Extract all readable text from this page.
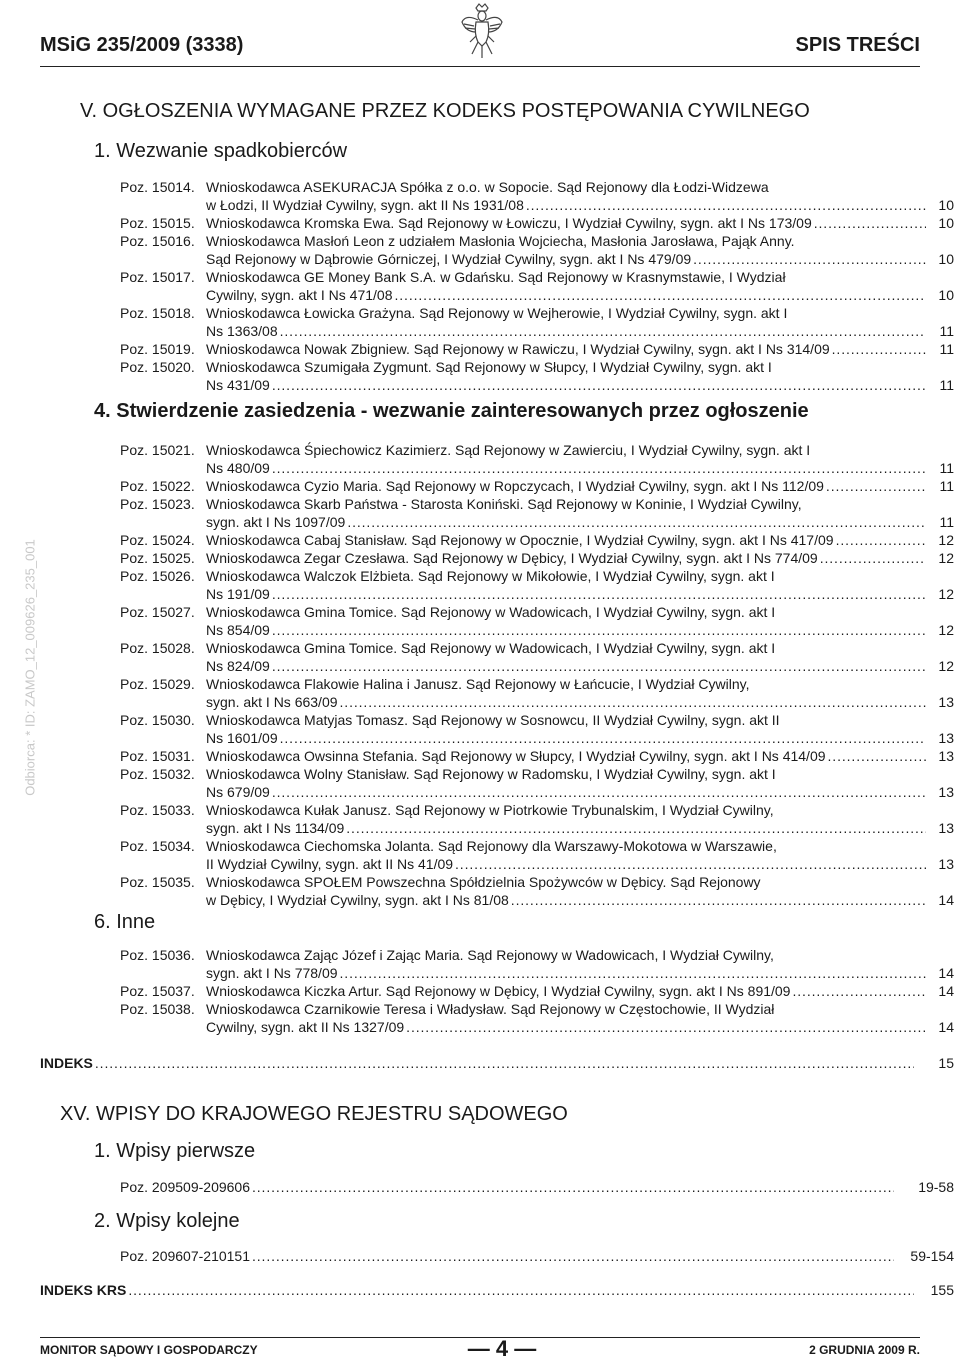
MSiG 235/2009 (3338)	SPIS TREŚCI
Odbiorca: * ID: ZAMO_12_009626_235_001
V. OGŁOSZENIA WYMAGANE PRZEZ KODEKS POSTĘPOWANIA CYWILNEGO
1. Wezwanie spadkobierców
Poz. 15014. Wnioskodawca ASEKURACJA Spółka z o.o. w Sopocie. Sąd Rejonowy dla Łodzi-Widzewa
w Łodzi, II Wydział Cywilny, sygn. akt II Ns 1931/08 . . .	10
Poz. 15015. Wnioskodawca Kromska Ewa. Sąd Rejonowy w Łowiczu, I Wydział Cywilny, sygn. akt I Ns 173/09 . . .	10
Poz. 15016. Wnioskodawca Masłoń Leon z udziałem Masłonia Wojciecha, Masłonia Jarosława, Pająk Anny.
Sąd Rejonowy w Dąbrowie Górniczej, I Wydział Cywilny, sygn. akt I Ns 479/09 . . .	10
Poz. 15017. Wnioskodawca GE Money Bank S.A. w Gdańsku. Sąd Rejonowy w Krasnymstawie, I Wydział
Cywilny, sygn. akt I Ns 471/08 . . .	10
Poz. 15018. Wnioskodawca Łowicka Grażyna. Sąd Rejonowy w Wejherowie, I Wydział Cywilny, sygn. akt I
Ns 1363/08 . . .	11
Poz. 15019. Wnioskodawca Nowak Zbigniew. Sąd Rejonowy w Rawiczu, I Wydział Cywilny, sygn. akt I Ns 314/09 . . .	11
Poz. 15020. Wnioskodawca Szumigała Zygmunt. Sąd Rejonowy w Słupcy, I Wydział Cywilny, sygn. akt I
Ns 431/09 . . .	11
4. Stwierdzenie zasiedzenia - wezwanie zainteresowanych przez ogłoszenie
Poz. 15021. Wnioskodawca Śpiechowicz Kazimierz. Sąd Rejonowy w Zawierciu, I Wydział Cywilny, sygn. akt I
Ns 480/09 . . .	11
Poz. 15022. Wnioskodawca Cyzio Maria. Sąd Rejonowy w Ropczycach, I Wydział Cywilny, sygn. akt I Ns 112/09 . . .	11
Poz. 15023. Wnioskodawca Skarb Państwa - Starosta Koniński. Sąd Rejonowy w Koninie, I Wydział Cywilny,
sygn. akt I Ns 1097/09 . . .	11
Poz. 15024. Wnioskodawca Cabaj Stanisław. Sąd Rejonowy w Opocznie, I Wydział Cywilny, sygn. akt I Ns 417/09 . . .	12
Poz. 15025. Wnioskodawca Zegar Czesława. Sąd Rejonowy w Dębicy, I Wydział Cywilny, sygn. akt I Ns 774/09 . . .	12
Poz. 15026. Wnioskodawca Walczok Elżbieta. Sąd Rejonowy w Mikołowie, I Wydział Cywilny, sygn. akt I
Ns 191/09 . . .	12
Poz. 15027. Wnioskodawca Gmina Tomice. Sąd Rejonowy w Wadowicach, I Wydział Cywilny, sygn. akt I
Ns 854/09 . . .	12
Poz. 15028. Wnioskodawca Gmina Tomice. Sąd Rejonowy w Wadowicach, I Wydział Cywilny, sygn. akt I
Ns 824/09 . . .	12
Poz. 15029. Wnioskodawca Flakowie Halina i Janusz. Sąd Rejonowy w Łańcucie, I Wydział Cywilny,
sygn. akt I Ns 663/09 . . .	13
Poz. 15030. Wnioskodawca Matyjas Tomasz. Sąd Rejonowy w Sosnowcu, II Wydział Cywilny, sygn. akt II
Ns 1601/09 . . .	13
Poz. 15031. Wnioskodawca Owsinna Stefania. Sąd Rejonowy w Słupcy, I Wydział Cywilny, sygn. akt I Ns 414/09 . . .	13
Poz. 15032. Wnioskodawca Wolny Stanisław. Sąd Rejonowy w Radomsku, I Wydział Cywilny, sygn. akt I
Ns 679/09 . . .	13
Poz. 15033. Wnioskodawca Kułak Janusz. Sąd Rejonowy w Piotrkowie Trybunalskim, I Wydział Cywilny,
sygn. akt I Ns 1134/09 . . .	13
Poz. 15034. Wnioskodawca Ciechomska Jolanta. Sąd Rejonowy dla Warszawy-Mokotowa w Warszawie,
II Wydział Cywilny, sygn. akt II Ns 41/09 . . .	13
Poz. 15035. Wnioskodawca SPOŁEM Powszechna Spółdzielnia Spożywców w Dębicy. Sąd Rejonowy
w Dębicy, I Wydział Cywilny, sygn. akt I Ns 81/08 . . .	14
6. Inne
Poz. 15036. Wnioskodawca Zając Józef i Zając Maria. Sąd Rejonowy w Wadowicach, I Wydział Cywilny,
sygn. akt I Ns 778/09 . . .	14
Poz. 15037. Wnioskodawca Kiczka Artur. Sąd Rejonowy w Dębicy, I Wydział Cywilny, sygn. akt I Ns 891/09 . . .	14
Poz. 15038. Wnioskodawca Czarnikowie Teresa i Władysław. Sąd Rejonowy w Częstochowie, II Wydział
Cywilny, sygn. akt II Ns 1327/09 . . .	14
INDEKS . . .	15
XV. WPISY DO KRAJOWEGO REJESTRU SĄDOWEGO
1. Wpisy pierwsze
Poz. 209509-209606 . . .	19-58
2. Wpisy kolejne
Poz. 209607-210151 . . .	59-154
INDEKS KRS . . .	155
MONITOR SĄDOWY I GOSPODARCZY	— 4 —	2 GRUDNIA 2009 R.
